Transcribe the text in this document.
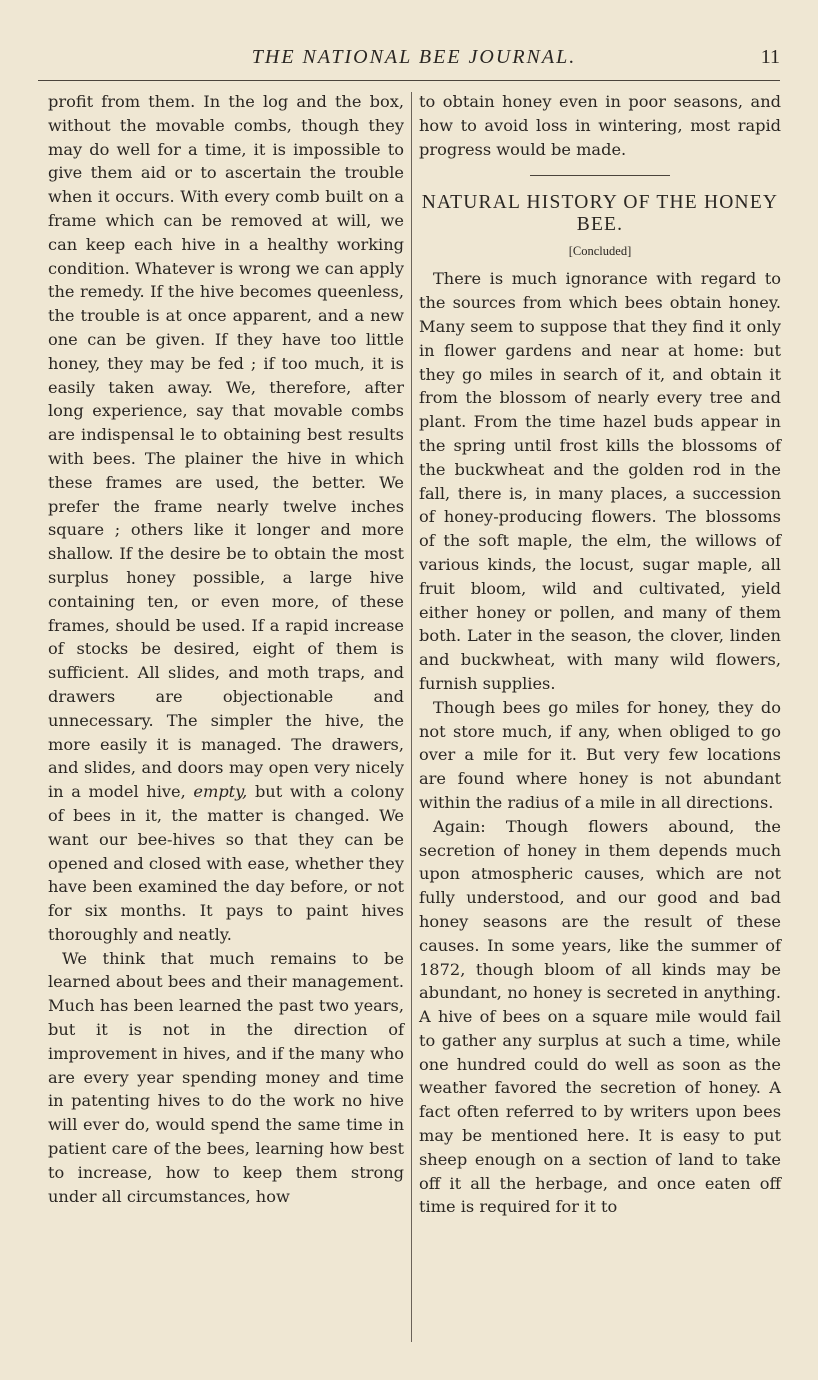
THE NATIONAL BEE JOURNAL.	11

profit from them. In the log and the box, without the movable combs, though they may do well for a time, it is impossible to give them aid or to ascertain the trouble when it occurs. With every comb built on a frame which can be removed at will, we can keep each hive in a healthy working condition. Whatever is wrong we can apply the remedy. If the hive becomes queenless, the trouble is at once apparent, and a new one can be given. If they have too little honey, they may be fed ; if too much, it is easily taken away. We, therefore, after long experience, say that movable combs are indispensal le to obtaining best results with bees. The plainer the hive in which these frames are used, the better. We prefer the frame nearly twelve inches square ; others like it longer and more shallow. If the desire be to obtain the most surplus honey possible, a large hive containing ten, or even more, of these frames, should be used. If a rapid increase of stocks be desired, eight of them is sufficient. All slides, and moth traps, and drawers are objectionable and unnecessary. The simpler the hive, the more easily it is managed. The drawers, and slides, and doors may open very nicely in a model hive, empty, but with a colony of bees in it, the matter is changed. We want our bee-hives so that they can be opened and closed with ease, whether they have been examined the day before, or not for six months. It pays to paint hives thoroughly and neatly.

We think that much remains to be learned about bees and their management. Much has been learned the past two years, but it is not in the direction of improvement in hives, and if the many who are every year spending money and time in patenting hives to do the work no hive will ever do, would spend the same time in patient care of the bees, learning how best to increase, how to keep them strong under all circumstances, how

to obtain honey even in poor seasons, and how to avoid loss in wintering, most rapid progress would be made.

NATURAL HISTORY OF THE HONEY BEE.
[Concluded]

There is much ignorance with regard to the sources from which bees obtain honey. Many seem to suppose that they find it only in flower gardens and near at home: but they go miles in search of it, and obtain it from the blossom of nearly every tree and plant. From the time hazel buds appear in the spring until frost kills the blossoms of the buckwheat and the golden rod in the fall, there is, in many places, a succession of honey-producing flowers. The blossoms of the soft maple, the elm, the willows of various kinds, the locust, sugar maple, all fruit bloom, wild and cultivated, yield either honey or pollen, and many of them both. Later in the season, the clover, linden and buckwheat, with many wild flowers, furnish supplies.

Though bees go miles for honey, they do not store much, if any, when obliged to go over a mile for it. But very few locations are found where honey is not abundant within the radius of a mile in all directions.

Again: Though flowers abound, the secretion of honey in them depends much upon atmospheric causes, which are not fully understood, and our good and bad honey seasons are the result of these causes. In some years, like the summer of 1872, though bloom of all kinds may be abundant, no honey is secreted in anything. A hive of bees on a square mile would fail to gather any surplus at such a time, while one hundred could do well as soon as the weather favored the secretion of honey. A fact often referred to by writers upon bees may be mentioned here. It is easy to put sheep enough on a section of land to take off it all the herbage, and once eaten off time is required for it to
